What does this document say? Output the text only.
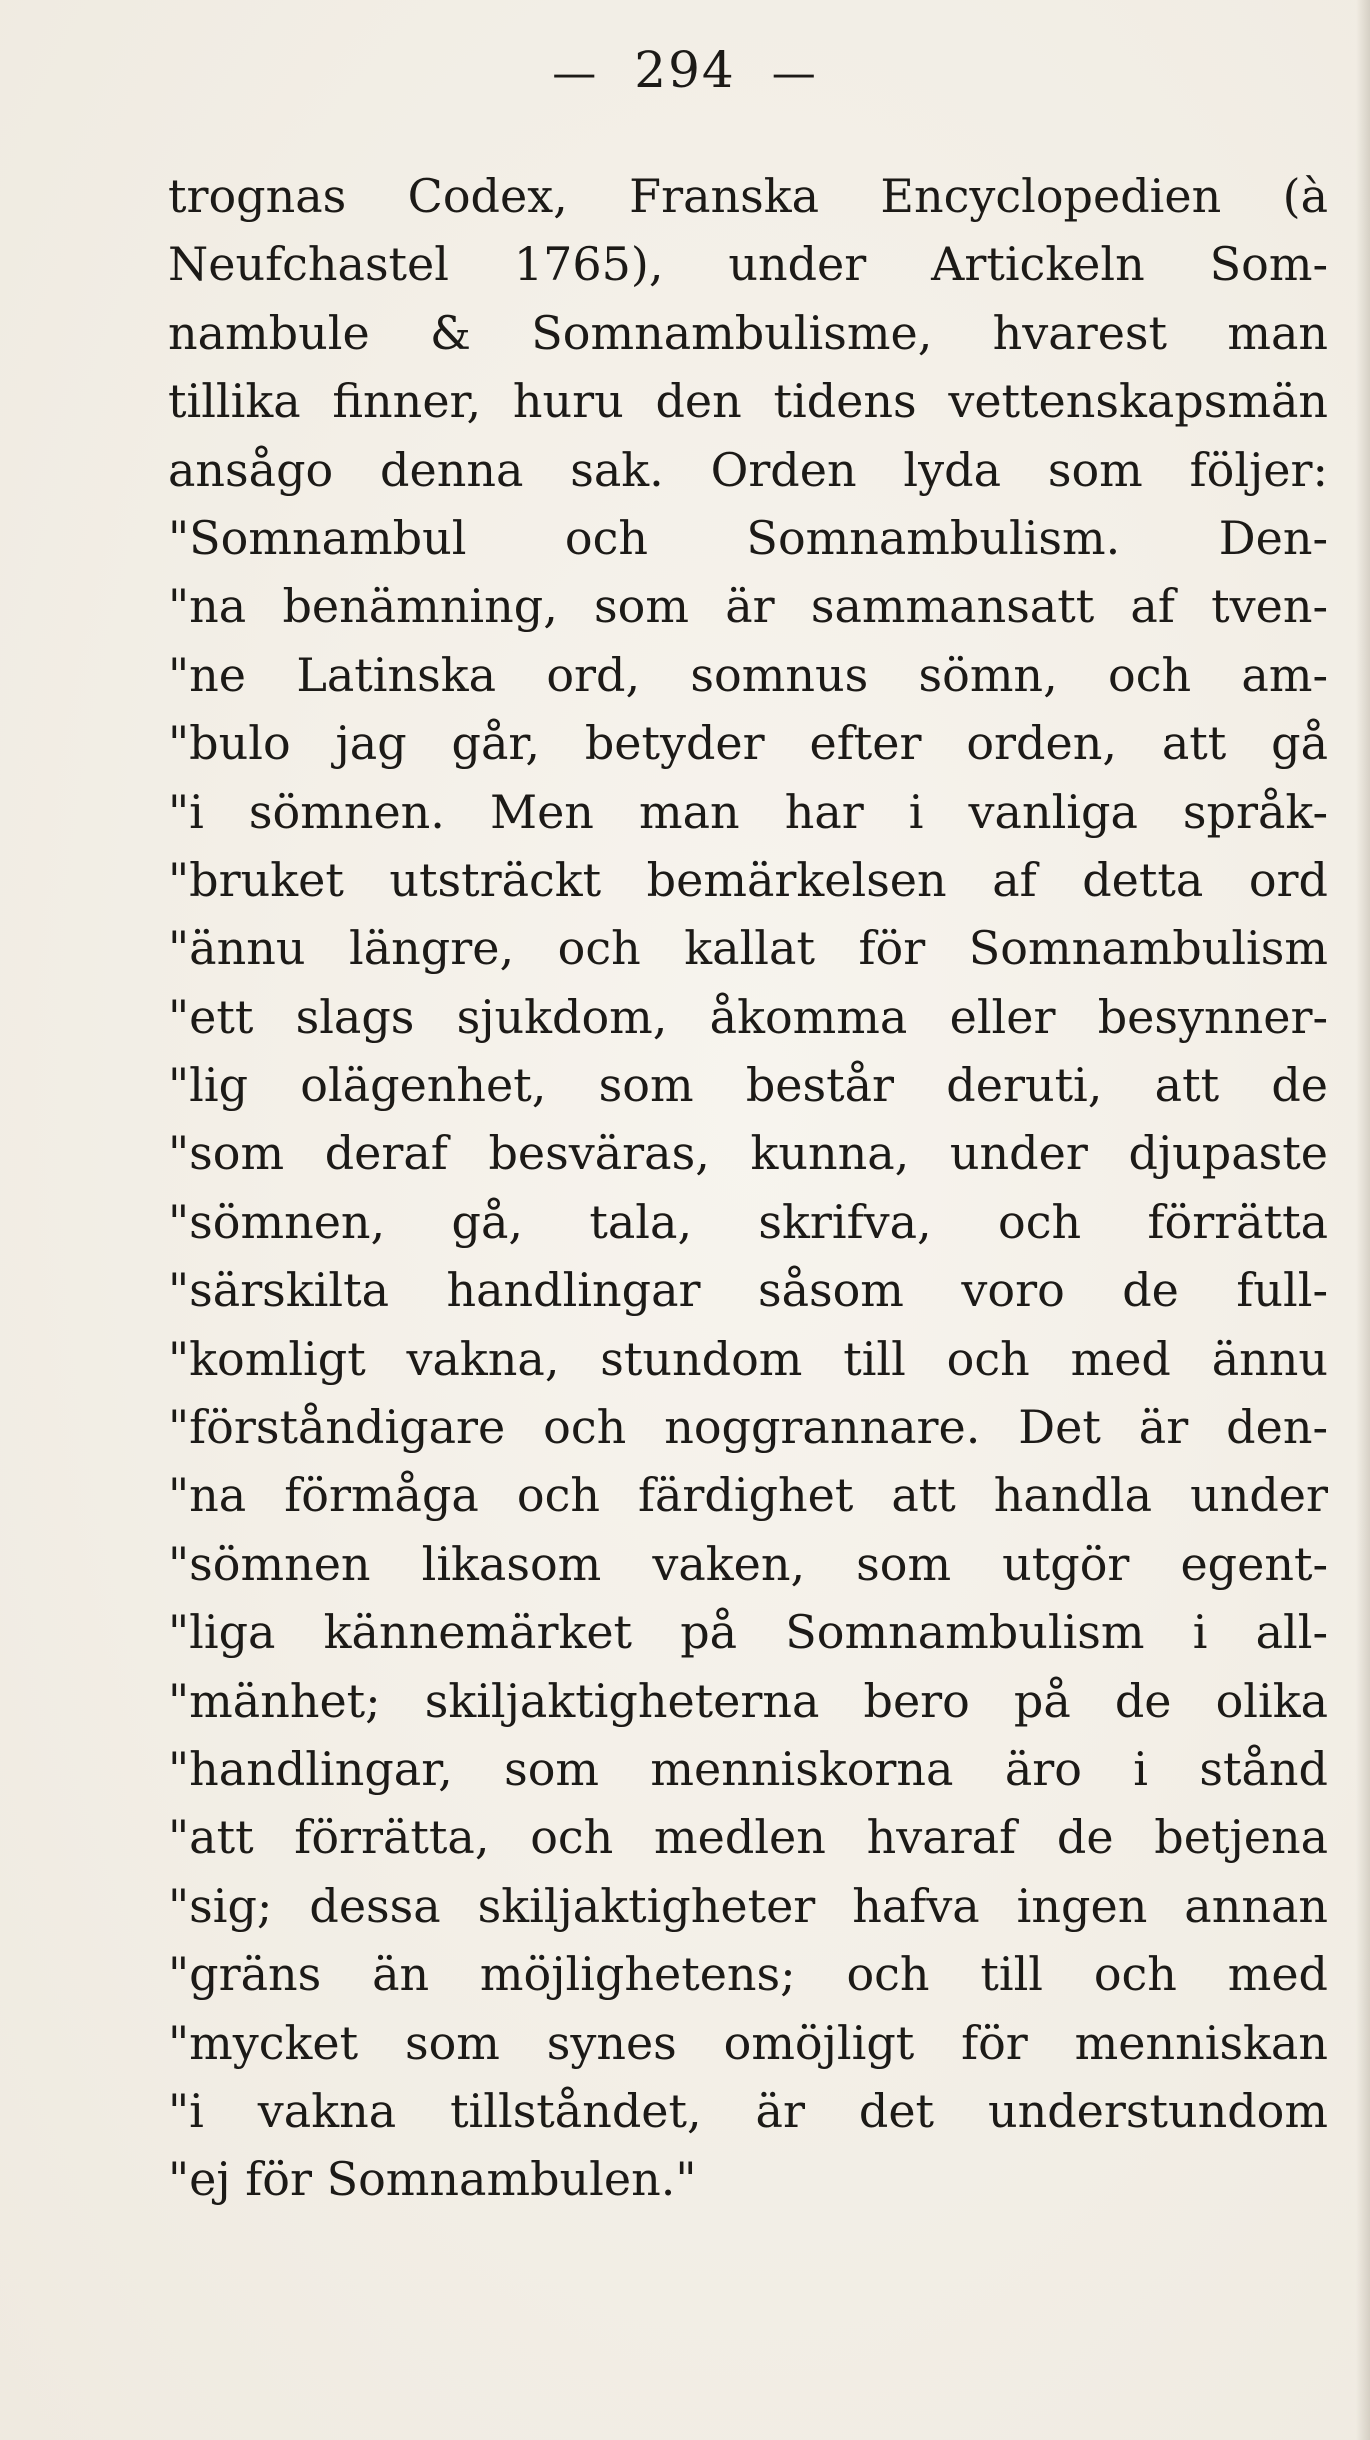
— 294 —
trognas Codex, Franska Encyclopedien (à
Neufchastel 1765), under Artickeln Som-
nambule & Somnambulisme, hvarest man
tillika finner, huru den tidens vettenskapsmän
ansågo denna sak. Orden lyda som följer:
"Somnambul och Somnambulism. Den-
"na benämning, som är sammansatt af tven-
"ne Latinska ord, somnus sömn, och am-
"bulo jag går, betyder efter orden, att gå
"i sömnen. Men man har i vanliga språk-
"bruket utsträckt bemärkelsen af detta ord
"ännu längre, och kallat för Somnambulism
"ett slags sjukdom, åkomma eller besynner-
"lig olägenhet, som består deruti, att de
"som deraf besväras, kunna, under djupaste
"sömnen, gå, tala, skrifva, och förrätta
"särskilta handlingar såsom voro de full-
"komligt vakna, stundom till och med ännu
"förståndigare och noggrannare. Det är den-
"na förmåga och färdighet att handla under
"sömnen likasom vaken, som utgör egent-
"liga kännemärket på Somnambulism i all-
"mänhet; skiljaktigheterna bero på de olika
"handlingar, som menniskorna äro i stånd
"att förrätta, och medlen hvaraf de betjena
"sig; dessa skiljaktigheter hafva ingen annan
"gräns än möjlighetens; och till och med
"mycket som synes omöjligt för menniskan
"i vakna tillståndet, är det understundom
"ej för Somnambulen."
